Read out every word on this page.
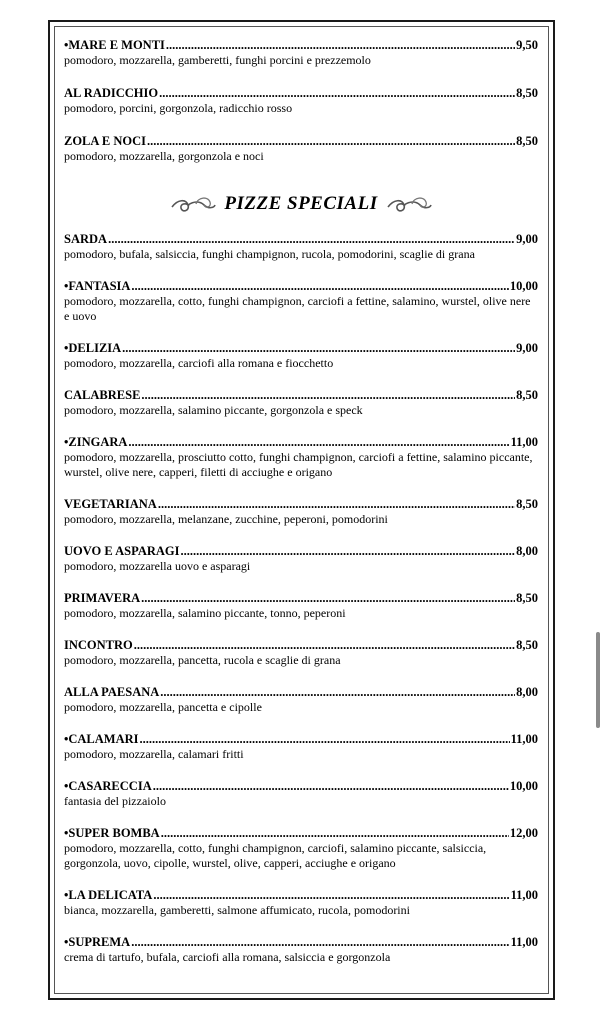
•MARE E MONTI .....	9,50
pomodoro, mozzarella, gamberetti, funghi porcini e prezzemolo
AL RADICCHIO .....	8,50
pomodoro, porcini, gorgonzola, radicchio rosso
ZOLA E NOCI .....	8,50
pomodoro, mozzarella, gorgonzola e noci
PIZZE SPECIALI
SARDA .....	9,00
pomodoro, bufala, salsiccia, funghi champignon, rucola, pomodorini, scaglie di grana
•FANTASIA .....	10,00
pomodoro, mozzarella, cotto, funghi champignon, carciofi a fettine, salamino, wurstel, olive nere e uovo
•DELIZIA .....	9,00
pomodoro, mozzarella, carciofi alla romana e fiocchetto
CALABRESE .....	8,50
pomodoro, mozzarella, salamino piccante, gorgonzola e speck
•ZINGARA .....	11,00
pomodoro, mozzarella, prosciutto cotto, funghi champignon, carciofi a fettine, salamino piccante, wurstel, olive nere, capperi, filetti di acciughe e origano
VEGETARIANA .....	8,50
pomodoro, mozzarella, melanzane, zucchine, peperoni, pomodorini
UOVO E ASPARAGI .....	8,00
pomodoro, mozzarella uovo e asparagi
PRIMAVERA .....	8,50
pomodoro, mozzarella, salamino piccante, tonno, peperoni
INCONTRO .....	8,50
pomodoro, mozzarella, pancetta, rucola e scaglie di grana
ALLA PAESANA .....	8,00
pomodoro, mozzarella, pancetta e cipolle
•CALAMARI .....	11,00
pomodoro, mozzarella, calamari fritti
•CASARECCIA .....	10,00
fantasia del pizzaiolo
•SUPER BOMBA .....	12,00
pomodoro, mozzarella, cotto, funghi champignon, carciofi, salamino piccante, salsiccia, gorgonzola, uovo, cipolle, wurstel, olive, capperi, acciughe e origano
•LA DELICATA .....	11,00
bianca, mozzarella, gamberetti, salmone affumicato, rucola, pomodorini
•SUPREMA .....	11,00
crema di tartufo, bufala, carciofi alla romana, salsiccia e gorgonzola
